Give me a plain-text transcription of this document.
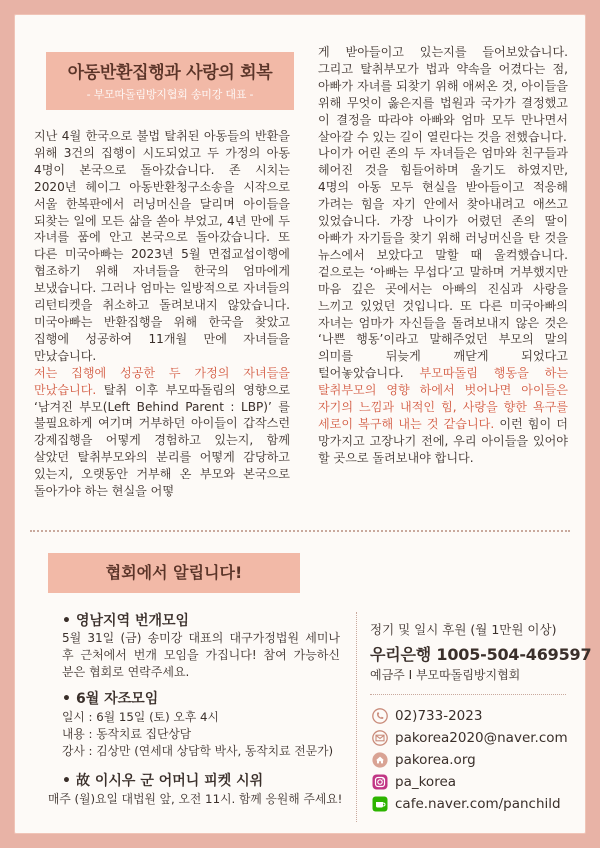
아동반환집행과 사랑의 회복
- 부모따돌림방지협회 송미강 대표 -

지난 4월 한국으로 불법 탈취된 아동들의 반환을 위해 3건의 집행이 시도되었고 두 가정의 아동 4명이 본국으로 돌아갔습니다. 존 시치는 2020년 헤이그 아동반환청구소송을 시작으로 서울 한복판에서 러닝머신을 달리며 아이들을 되찾는 일에 모든 삶을 쏟아 부었고, 4년 만에 두 자녀를 품에 안고 본국으로 돌아갔습니다. 또 다른 미국아빠는 2023년 5월 면접교섭이행에 협조하기 위해 자녀들을 한국의 엄마에게 보냈습니다. 그러나 엄마는 일방적으로 자녀들의 리턴티켓을 취소하고 돌려보내지 않았습니다. 미국아빠는 반환집행을 위해 한국을 찾았고 집행에 성공하여 11개월 만에 자녀들을 만났습니다.
저는 집행에 성공한 두 가정의 자녀들을 만났습니다. 탈취 이후 부모따돌림의 영향으로 ‘남겨진 부모(Left Behind Parent : LBP)’ 를 불필요하게 여기며 거부하던 아이들이 갑작스런 강제집행을 어떻게 경험하고 있는지, 함께 살았던 탈취부모와의 분리를 어떻게 감당하고 있는지, 오랫동안 거부해 온 부모와 본국으로 돌아가야 하는 현실을 어떻

게 받아들이고 있는지를 들어보았습니다. 그리고 탈취부모가 법과 약속을 어겼다는 점, 아빠가 자녀를 되찾기 위해 애써온 것, 아이들을 위해 무엇이 옳은지를 법원과 국가가 결정했고 이 결정을 따라야 아빠와 엄마 모두 만나면서 살아갈 수 있는 길이 열린다는 것을 전했습니다.

나이가 어린 존의 두 자녀들은 엄마와 친구들과 헤어진 것을 힘들어하며 울기도 하였지만, 4명의 아동 모두 현실을 받아들이고 적응해 가려는 힘을 자기 안에서 찾아내려고 애쓰고 있었습니다. 가장 나이가 어렸던 존의 딸이 아빠가 자기들을 찾기 위해 러닝머신을 탄 것을 뉴스에서 보았다고 말할 때 울컥했습니다. 겉으로는 ‘아빠는 무섭다’고 말하며 거부했지만 마음 깊은 곳에서는 아빠의 진심과 사랑을 느끼고 있었던 것입니다. 또 다른 미국아빠의 자녀는 엄마가 자신들을 돌려보내지 않은 것은 ‘나쁜 행동’이라고 말해주었던 부모의 말의 의미를 뒤늦게 깨닫게 되었다고 털어놓았습니다. 부모따돌림 행동을 하는 탈취부모의 영향 하에서 벗어나면 아이들은 자기의 느낌과 내적인 힘, 사랑을 향한 욕구를 세로이 복구해 내는 것 같습니다. 이런 힘이 더 망가지고 고장나기 전에, 우리 아이들을 있어야 할 곳으로 돌려보내야 합니다.

협회에서 알립니다!
• 영남지역 번개모임
5월 31일 (금) 송미강 대표의 대구가정법원 세미나 후 근처에서 번개 모임을 가집니다! 참여 가능하신 분은 협회로 연락주세요.
• 6월 자조모임
일시 : 6월 15일 (토) 오후 4시
내용 : 동작치료 집단상담
강사 : 김상만 (연세대 상담학 박사, 동작치료 전문가)
• 故 이시우 군 어머니 피켓 시위
매주 (월)요일 대법원 앞, 오전 11시. 함께 응원해 주세요!
정기 및 일시 후원 (월 1만원 이상)
우리은행 1005-504-469597
예금주 I 부모따돌림방지협회
02)733-2023
pakorea2020@naver.com
pakorea.org
pa_korea
cafe.naver.com/panchild
